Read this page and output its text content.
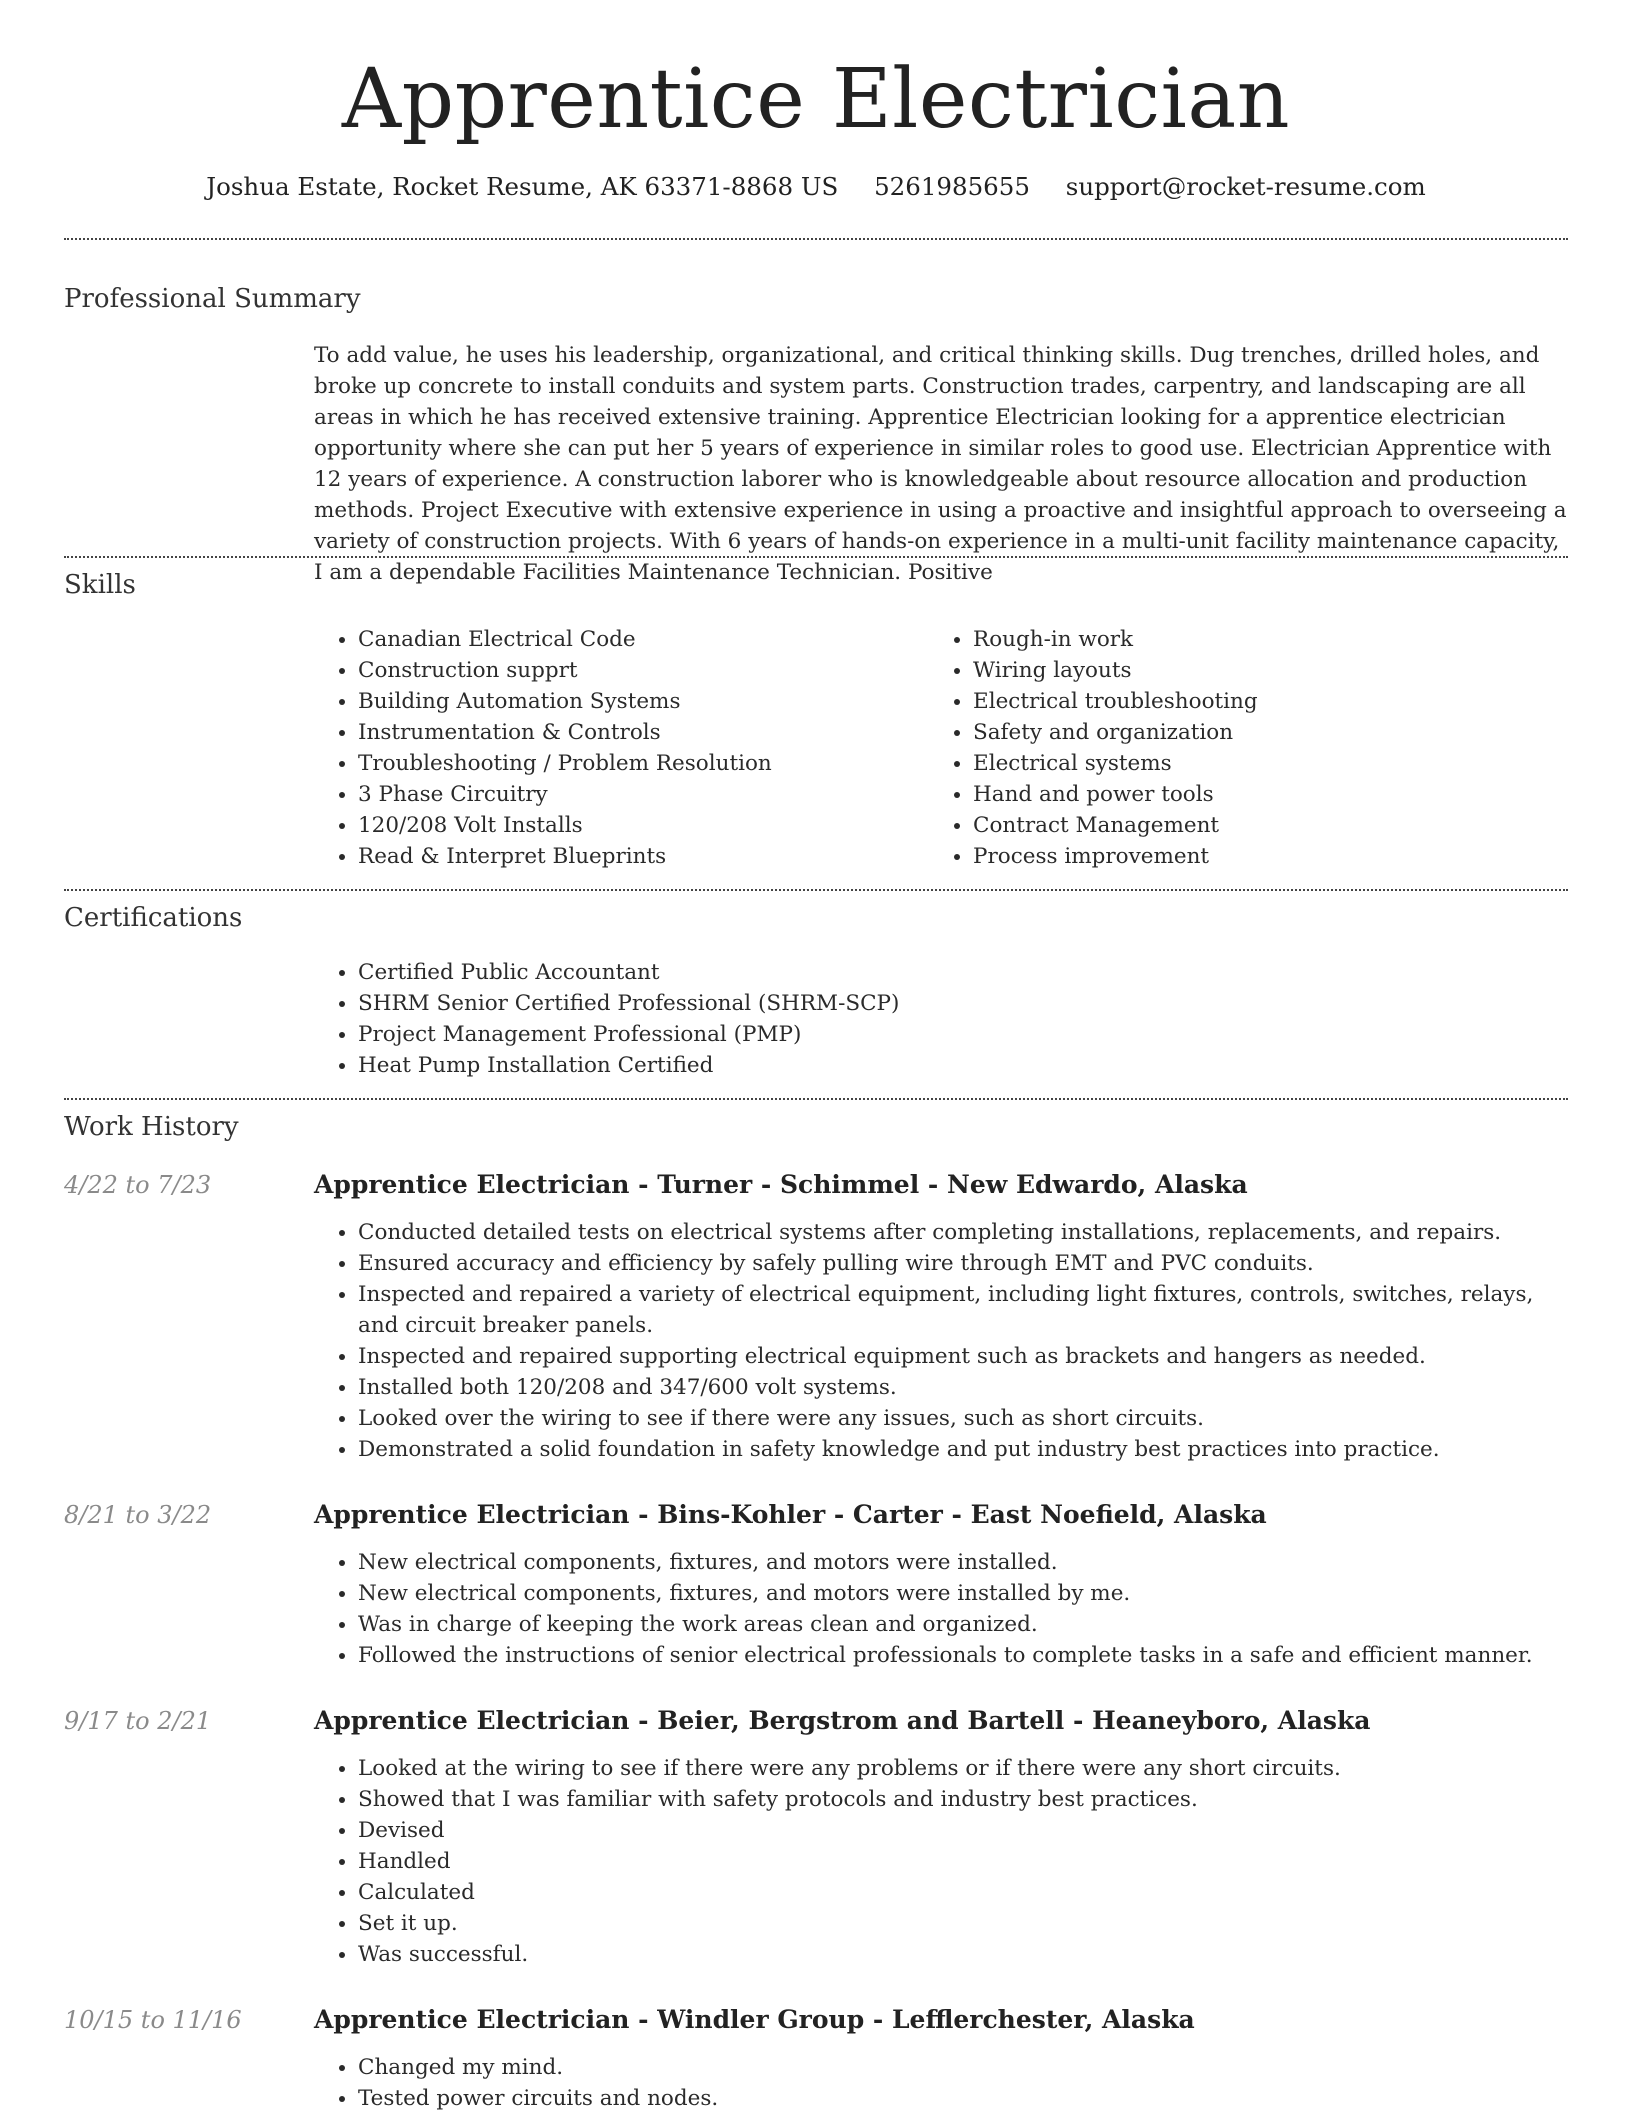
Apprentice Electrician
Joshua Estate, Rocket Resume, AK 63371-8868 US 5261985655 support@rocket-resume.com
Professional Summary

To add value, he uses his leadership, organizational, and critical thinking skills. Dug trenches, drilled holes, and broke up concrete to install conduits and system parts. Construction trades, carpentry, and landscaping are all areas in which he has received extensive training. Apprentice Electrician looking for a apprentice electrician opportunity where she can put her 5 years of experience in similar roles to good use. Electrician Apprentice with 12 years of experience. A construction laborer who is knowledgeable about resource allocation and production methods. Project Executive with extensive experience in using a proactive and insightful approach to overseeing a variety of construction projects. With 6 years of hands-on experience in a multi-unit facility maintenance capacity, I am a dependable Facilities Maintenance Technician. Positive

Skills
• Canadian Electrical Code
• Construction supprt
• Building Automation Systems
• Instrumentation & Controls
• Troubleshooting / Problem Resolution
• 3 Phase Circuitry
• 120/208 Volt Installs
• Read & Interpret Blueprints
• Rough-in work
• Wiring layouts
• Electrical troubleshooting
• Safety and organization
• Electrical systems
• Hand and power tools
• Contract Management
• Process improvement
Certifications
• Certified Public Accountant
• SHRM Senior Certified Professional (SHRM-SCP)
• Project Management Professional (PMP)
• Heat Pump Installation Certified
Work History
4/22 to 7/23	Apprentice Electrician - Turner - Schimmel - New Edwardo, Alaska
• Conducted detailed tests on electrical systems after completing installations, replacements, and repairs.
• Ensured accuracy and efficiency by safely pulling wire through EMT and PVC conduits.
• Inspected and repaired a variety of electrical equipment, including light fixtures, controls, switches, relays, and circuit breaker panels.
• Inspected and repaired supporting electrical equipment such as brackets and hangers as needed.
• Installed both 120/208 and 347/600 volt systems.
• Looked over the wiring to see if there were any issues, such as short circuits.
• Demonstrated a solid foundation in safety knowledge and put industry best practices into practice.
8/21 to 3/22	Apprentice Electrician - Bins-Kohler - Carter - East Noefield, Alaska
• New electrical components, fixtures, and motors were installed.
• New electrical components, fixtures, and motors were installed by me.
• Was in charge of keeping the work areas clean and organized.
• Followed the instructions of senior electrical professionals to complete tasks in a safe and efficient manner.
9/17 to 2/21	Apprentice Electrician - Beier, Bergstrom and Bartell - Heaneyboro, Alaska
• Looked at the wiring to see if there were any problems or if there were any short circuits.
• Showed that I was familiar with safety protocols and industry best practices.
• Devised
• Handled
• Calculated
• Set it up.
• Was successful.
10/15 to 11/16	Apprentice Electrician - Windler Group - Lefflerchester, Alaska
• Changed my mind.
• Tested power circuits and nodes.
